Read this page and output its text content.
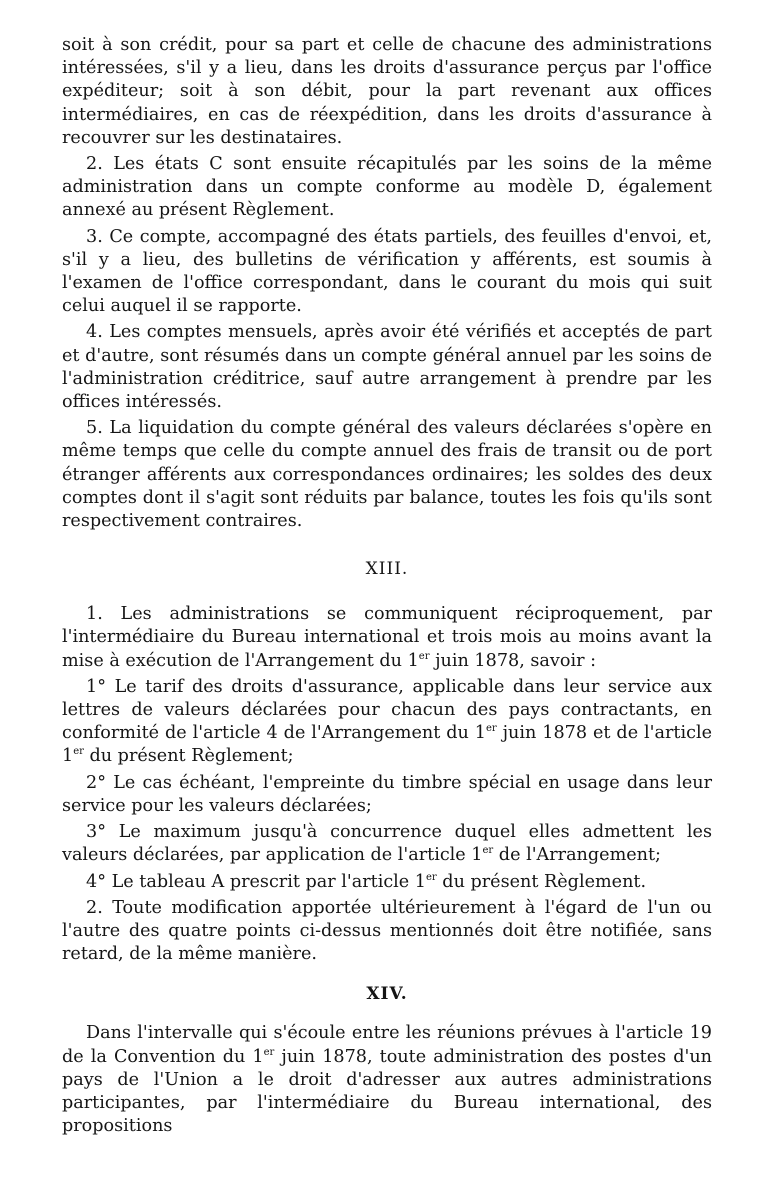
soit à son crédit, pour sa part et celle de chacune des administrations intéressées, s'il y a lieu, dans les droits d'assurance perçus par l'office expéditeur; soit à son débit, pour la part revenant aux offices intermédiaires, en cas de réexpédition, dans les droits d'assurance à recouvrer sur les destinataires.

2. Les états C sont ensuite récapitulés par les soins de la même administration dans un compte conforme au modèle D, également annexé au présent Règlement.

3. Ce compte, accompagné des états partiels, des feuilles d'envoi, et, s'il y a lieu, des bulletins de vérification y afférents, est soumis à l'examen de l'office correspondant, dans le courant du mois qui suit celui auquel il se rapporte.

4. Les comptes mensuels, après avoir été vérifiés et acceptés de part et d'autre, sont résumés dans un compte général annuel par les soins de l'administration créditrice, sauf autre arrangement à prendre par les offices intéressés.

5. La liquidation du compte général des valeurs déclarées s'opère en même temps que celle du compte annuel des frais de transit ou de port étranger afférents aux correspondances ordinaires; les soldes des deux comptes dont il s'agit sont réduits par balance, toutes les fois qu'ils sont respectivement contraires.

XIII.

1. Les administrations se communiquent réciproquement, par l'intermédiaire du Bureau international et trois mois au moins avant la mise à exécution de l'Arrangement du 1er juin 1878, savoir :

1° Le tarif des droits d'assurance, applicable dans leur service aux lettres de valeurs déclarées pour chacun des pays contractants, en conformité de l'article 4 de l'Arrangement du 1er juin 1878 et de l'article 1er du présent Règlement;

2° Le cas échéant, l'empreinte du timbre spécial en usage dans leur service pour les valeurs déclarées;

3° Le maximum jusqu'à concurrence duquel elles admettent les valeurs déclarées, par application de l'article 1er de l'Arrangement;

4° Le tableau A prescrit par l'article 1er du présent Règlement.

2. Toute modification apportée ultérieurement à l'égard de l'un ou l'autre des quatre points ci-dessus mentionnés doit être notifiée, sans retard, de la même manière.

XIV.

Dans l'intervalle qui s'écoule entre les réunions prévues à l'article 19 de la Convention du 1er juin 1878, toute administration des postes d'un pays de l'Union a le droit d'adresser aux autres administrations participantes, par l'intermédiaire du Bureau international, des propositions
